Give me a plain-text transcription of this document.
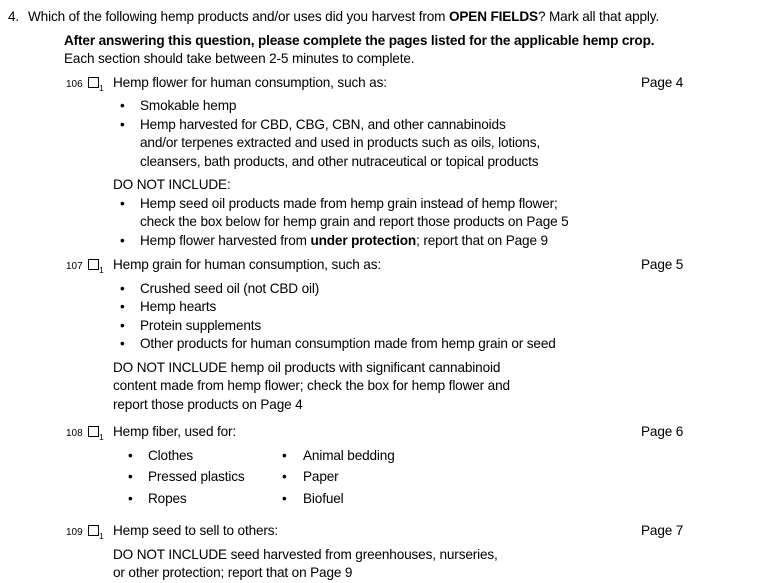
4. Which of the following hemp products and/or uses did you harvest from OPEN FIELDS? Mark all that apply.
After answering this question, please complete the pages listed for the applicable hemp crop.
Each section should take between 2-5 minutes to complete.
106	$_1$ Hemp flower for human consumption, such as:	Page 4
•	Smokable hemp
•	Hemp harvested for CBD, CBG, CBN, and other cannabinoids
and/or terpenes extracted and used in products such as oils, lotions,
cleansers, bath products, and other nutraceutical or topical products
DO NOT INCLUDE:
•	Hemp seed oil products made from hemp grain instead of hemp flower;
check the box below for hemp grain and report those products on Page 5
•	Hemp flower harvested from under protection; report that on Page 9
107	$_1$ Hemp grain for human consumption, such as:	Page 5
•	Crushed seed oil (not CBD oil)
•	Hemp hearts
•	Protein supplements
•	Other products for human consumption made from hemp grain or seed
DO NOT INCLUDE hemp oil products with significant cannabinoid
content made from hemp flower; check the box for hemp flower and
report those products on Page 4
108	$_1$ Hemp fiber, used for:	Page 6
•	Clothes	•	Animal bedding
•	Pressed plastics	•	Paper
•	Ropes	•	Biofuel
109	$_1$ Hemp seed to sell to others:	Page 7
DO NOT INCLUDE seed harvested from greenhouses, nurseries,
or other protection; report that on Page 9
